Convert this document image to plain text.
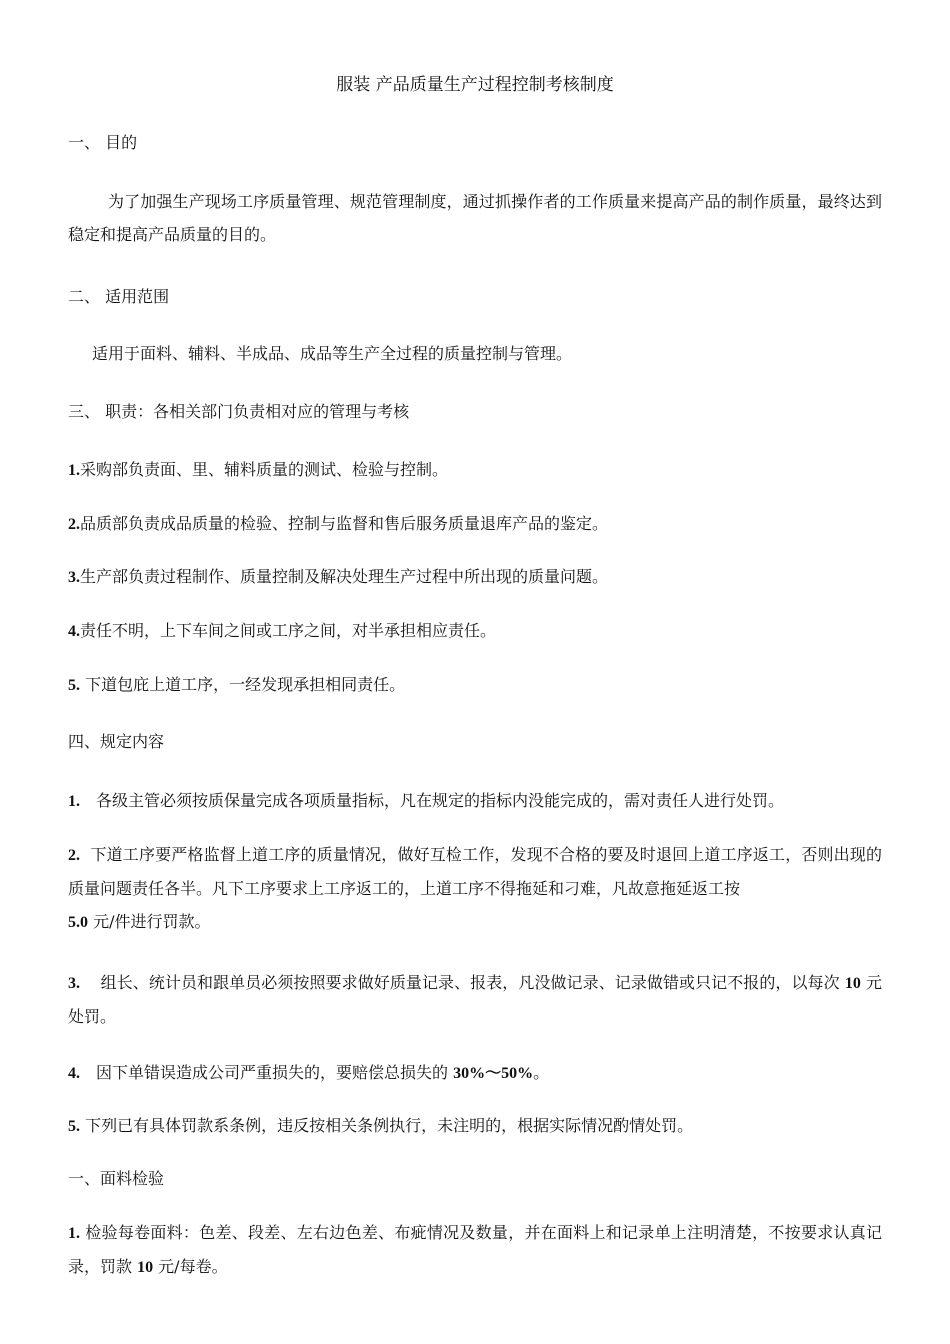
服装 产品质量生产过程控制考核制度
一、 目的
为了加强生产现场工序质量管理、规范管理制度，通过抓操作者的工作质量来提高产品的制作质量，最终达到稳定和提高产品质量的目的。
二、 适用范围
适用于面料、辅料、半成品、成品等生产全过程的质量控制与管理。
三、 职责：各相关部门负责相对应的管理与考核
1.采购部负责面、里、辅料质量的测试、检验与控制。
2.品质部负责成品质量的检验、控制与监督和售后服务质量退库产品的鉴定。
3.生产部负责过程制作、质量控制及解决处理生产过程中所出现的质量问题。
4.责任不明，上下车间之间或工序之间，对半承担相应责任。
5. 下道包庇上道工序，一经发现承担相同责任。
四、规定内容
1. 各级主管必须按质保量完成各项质量指标，凡在规定的指标内没能完成的，需对责任人进行处罚。
2. 下道工序要严格监督上道工序的质量情况，做好互检工作，发现不合格的要及时退回上道工序返工，否则出现的质量问题责任各半。凡下工序要求上工序返工的，上道工序不得拖延和刁难，凡故意拖延返工按
5.0 元/件进行罚款。
3. 组长、统计员和跟单员必须按照要求做好质量记录、报表，凡没做记录、记录做错或只记不报的，以每次 10 元处罚。
4. 因下单错误造成公司严重损失的，要赔偿总损失的 30%～50%。
5. 下列已有具体罚款系条例，违反按相关条例执行，未注明的，根据实际情况酌情处罚。
一、面料检验
1. 检验每卷面料：色差、段差、左右边色差、布疵情况及数量，并在面料上和记录单上注明清楚，不按要求认真记录，罚款 10 元/每卷。
